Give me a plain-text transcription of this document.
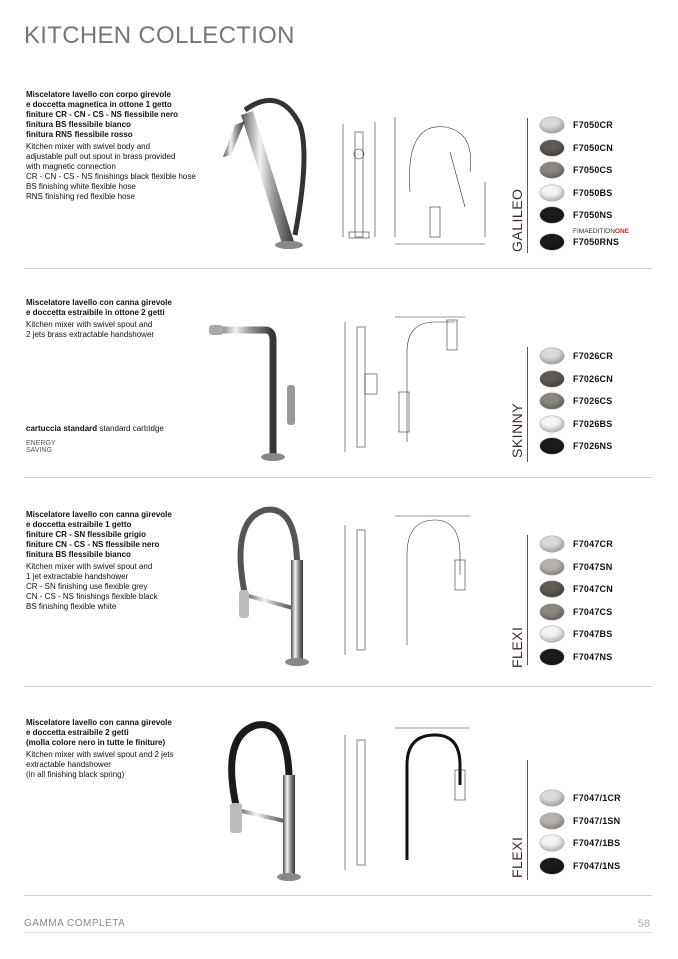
KITCHEN COLLECTION
Miscelatore lavello con corpo girevole
e doccetta magnetica in ottone 1 getto
finiture CR - CN - CS - NS flessibile nero
finitura BS flessibile bianco
finitura RNS flessibile rosso
Kitchen mixer with swivel body and
adjustable pull out spout in brass provided
with magnetic connection
CR - CN - CS - NS finishings black flexible hose
BS finishing white flexible hose
RNS finishing red flexible hose	GALILEO
F7050CR
F7050CN
F7050CS
F7050BS
F7050NS
FIMAEDITIONONE
F7050RNS
Miscelatore lavello con canna girevole
e doccetta estraibile in ottone 2 getti
Kitchen mixer with swivel spout and
2 jets brass extractable handshower
cartuccia standard standard cartridge
ENERGY
SAVING	SKINNY
F7026CR
F7026CN
F7026CS
F7026BS
F7026NS
Miscelatore lavello con canna girevole
e doccetta estraibile 1 getto
finiture CR - SN flessibile grigio
finiture CN - CS - NS flessibile nero
finitura BS flessibile bianco
Kitchen mixer with swivel spout and
1 jet extractable handshower
CR - SN finishing use flexible grey
CN - CS - NS finishings flexible black
BS finishing flexible white
FLEXI
F7047CR
F7047SN
F7047CN
F7047CS
F7047BS
F7047NS
Miscelatore lavello con canna girevole
e doccetta estraibile 2 getti
(molla colore nero in tutte le finiture)
Kitchen mixer with swivel spout and 2 jets
extractable handshower
(in all finishing black spring)
FLEXI
F7047/1CR
F7047/1SN
F7047/1BS
F7047/1NS
GAMMA COMPLETA	58
